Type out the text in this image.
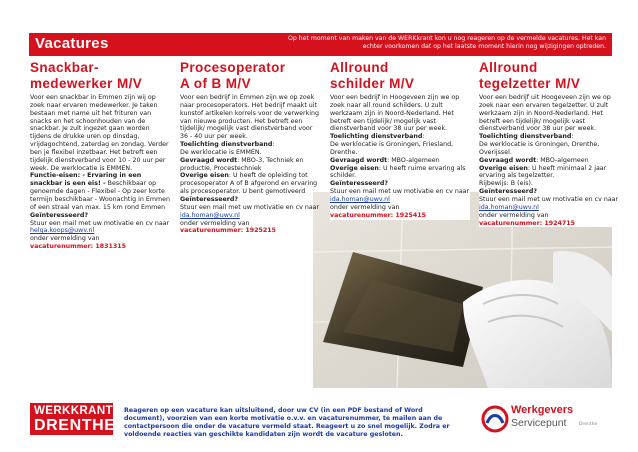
Vacatures	Op het moment van maken van de WERKkrant kon u nog reageren op de vermelde vacatures. Het kan echter voorkomen dat op het laatste moment hierin nog wijzigingen optreden.
Snackbar-
medewerker M/V

Voor een snackbar in Emmen zijn wij op zoek naar ervaren medewerker. Je taken bestaan met name uit het frituren van snacks en het schoonhouden van de snackbar. Je zult ingezet gaan worden tijdens de drukke uren op dinsdag, vrijdagochtend, zaterdag en zondag. Verder ben je flexibel inzetbaar. Het betreft een tijdelijk dienstverband voor 10 - 20 uur per week. De werklocatie is EMMEN.

Functie-eisen: - Ervaring in een snackbar is een eis! - Beschikbaar op genoemde dagen - Flexibel - Op zeer korte termijn beschikbaar - Woonachtig in Emmen of een straal van max. 15 km rond Emmen

Geïnteresseerd?

Stuur een mail met uw motivatie en cv naar

helga.koops@uwv.nl

onder vermelding van

vacaturenummer: 1831315

Procesoperator
A of B M/V

Voor een bedrijf in Emmen zijn we op zoek naar procesoperators. Het bedrijf maakt uit kunstof artikelen korrels voor de verwerking van nieuwe producten. Het betreft een tijdelijk/ mogelijk vast dienstverband voor 36 - 40 uur per week.

Toelichting dienstverband:
De werklocatie is EMMEN.

Gevraagd wordt: MBO-3, Techniek en productie, Procestechniek

Overige eisen: U heeft de opleiding tot procesoperator A of B afgerond en ervaring als procesoperator. U bent gemotiveerd

Geïnteresseerd?

Stuur een mail met uw motivatie en cv naar

ida.homan@uwv.nl

onder vermelding van

vacaturenummer: 1925215

Allround
schilder M/V

Voor een bedrijf in Hoogeveen zijn we op zoek naar all round schilders. U zult werkzaam zijn in Noord-Nederland. Het betreft een tijdelijk/ mogelijk vast dienstverband voor 38 uur per week.

Toelichting dienstverband:
De werklocatie is Groningen, Friesland, Drenthe.

Gevraagd wordt: MBO-algemeen

Overige eisen: U heeft ruime ervaring als schilder.

Geïnteresseerd?

Stuur een mail met uw motivatie en cv naar

ida.homan@uwv.nl

onder vermelding van

vacaturenummer: 1925415

Allround
tegelzetter M/V

Voor een bedrijf uit Hoogeveen zijn we op zoek naar een ervaren tegelzetter. U zult werkzaam zijn in Noord-Nederland. Het betreft een tijdelijk/ mogelijk vast dienstverband voor 38 uur per week.

Toelichting dienstverband:
De werklocatie is Groningen, Drenthe, Overijssel.

Gevraagd wordt: MBO-algemeen

Overige eisen: U heeft minimaal 2 jaar ervaring als tegelzetter.
Rijbewijs: B (eis).

Geïnteresseerd?

Stuur een mail met uw motivatie en cv naar

ida.homan@uwv.nl

onder vermelding van

vacaturenummer: 1924715

WERKKRANT
DRENTHE
Reageren op een vacature kan uitsluitend, door uw CV (in een PDF bestand of Word document), voorzien van een korte motivatie o.v.v. en vacaturenummer, te mailen aan de contactpersoon die onder de vacature vermeld staat. Reageert u zo snel mogelijk. Zodra er voldoende reacties van geschikte kandidaten zijn wordt de vacature gesloten.
Werkgevers
Servicepunt	Drenthe
